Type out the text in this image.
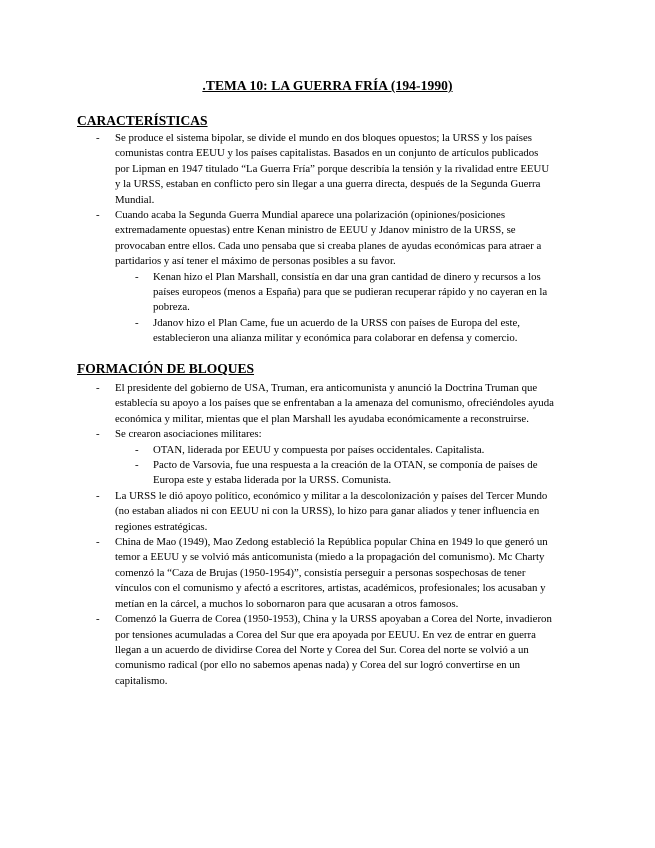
.TEMA 10: LA GUERRA FRÍA (194-1990)
CARACTERÍSTICAS
- Se produce el sistema bipolar, se divide el mundo en dos bloques opuestos; la URSS y los países comunistas contra EEUU y los países capitalistas. Basados en un conjunto de artículos publicados por Lipman en 1947 titulado “La Guerra Fría” porque describía la tensión y la rivalidad entre EEUU y la URSS, estaban en conflicto pero sin llegar a una guerra directa, después de la Segunda Guerra Mundial.
- Cuando acaba la Segunda Guerra Mundial aparece una polarización (opiniones/posiciones extremadamente opuestas) entre Kenan ministro de EEUU y Jdanov ministro de la URSS, se provocaban entre ellos. Cada uno pensaba que si creaba planes de ayudas económicas para atraer a partidarios y así tener el máximo de personas posibles a su favor.
- Kenan hizo el Plan Marshall, consistía en dar una gran cantidad de dinero y recursos a los países europeos (menos a España) para que se pudieran recuperar rápido y no cayeran en la pobreza.
- Jdanov hizo el Plan Came, fue un acuerdo de la URSS con países de Europa del este, establecieron una alianza militar y económica para colaborar en defensa y comercio.
FORMACIÓN DE BLOQUES
- El presidente del gobierno de USA, Truman, era anticomunista y anunció la Doctrina Truman que establecía su apoyo a los países que se enfrentaban a la amenaza del comunismo, ofreciéndoles ayuda económica y militar, mientas que el plan Marshall les ayudaba económicamente a reconstruirse.
- Se crearon asociaciones militares:
- OTAN, liderada por EEUU y compuesta por países occidentales. Capitalista.
- Pacto de Varsovia, fue una respuesta a la creación de la OTAN, se componía de países de Europa este y estaba liderada por la URSS. Comunista.
- La URSS le dió apoyo político, económico y militar a la descolonización y países del Tercer Mundo (no estaban aliados ni con EEUU ni con la URSS), lo hizo para ganar aliados y tener influencia en regiones estratégicas.
- China de Mao (1949), Mao Zedong estableció la República popular China en 1949 lo que generó un temor a EEUU y se volvió más anticomunista (miedo a la propagación del comunismo). Mc Charty comenzó la “Caza de Brujas (1950-1954)”, consistía perseguir a personas sospechosas de tener vínculos con el comunismo y afectó a escritores, artistas, académicos, profesionales; los acusaban y metían en la cárcel, a muchos lo sobornaron para que acusaran a otros famosos.
- Comenzó la Guerra de Corea (1950-1953), China y la URSS apoyaban a Corea del Norte, invadieron por tensiones acumuladas a Corea del Sur que era apoyada por EEUU. En vez de entrar en guerra llegan a un acuerdo de dividirse Corea del Norte y Corea del Sur. Corea del norte se volvió a un comunismo radical (por ello no sabemos apenas nada) y Corea del sur logró convertirse en un capitalismo.
